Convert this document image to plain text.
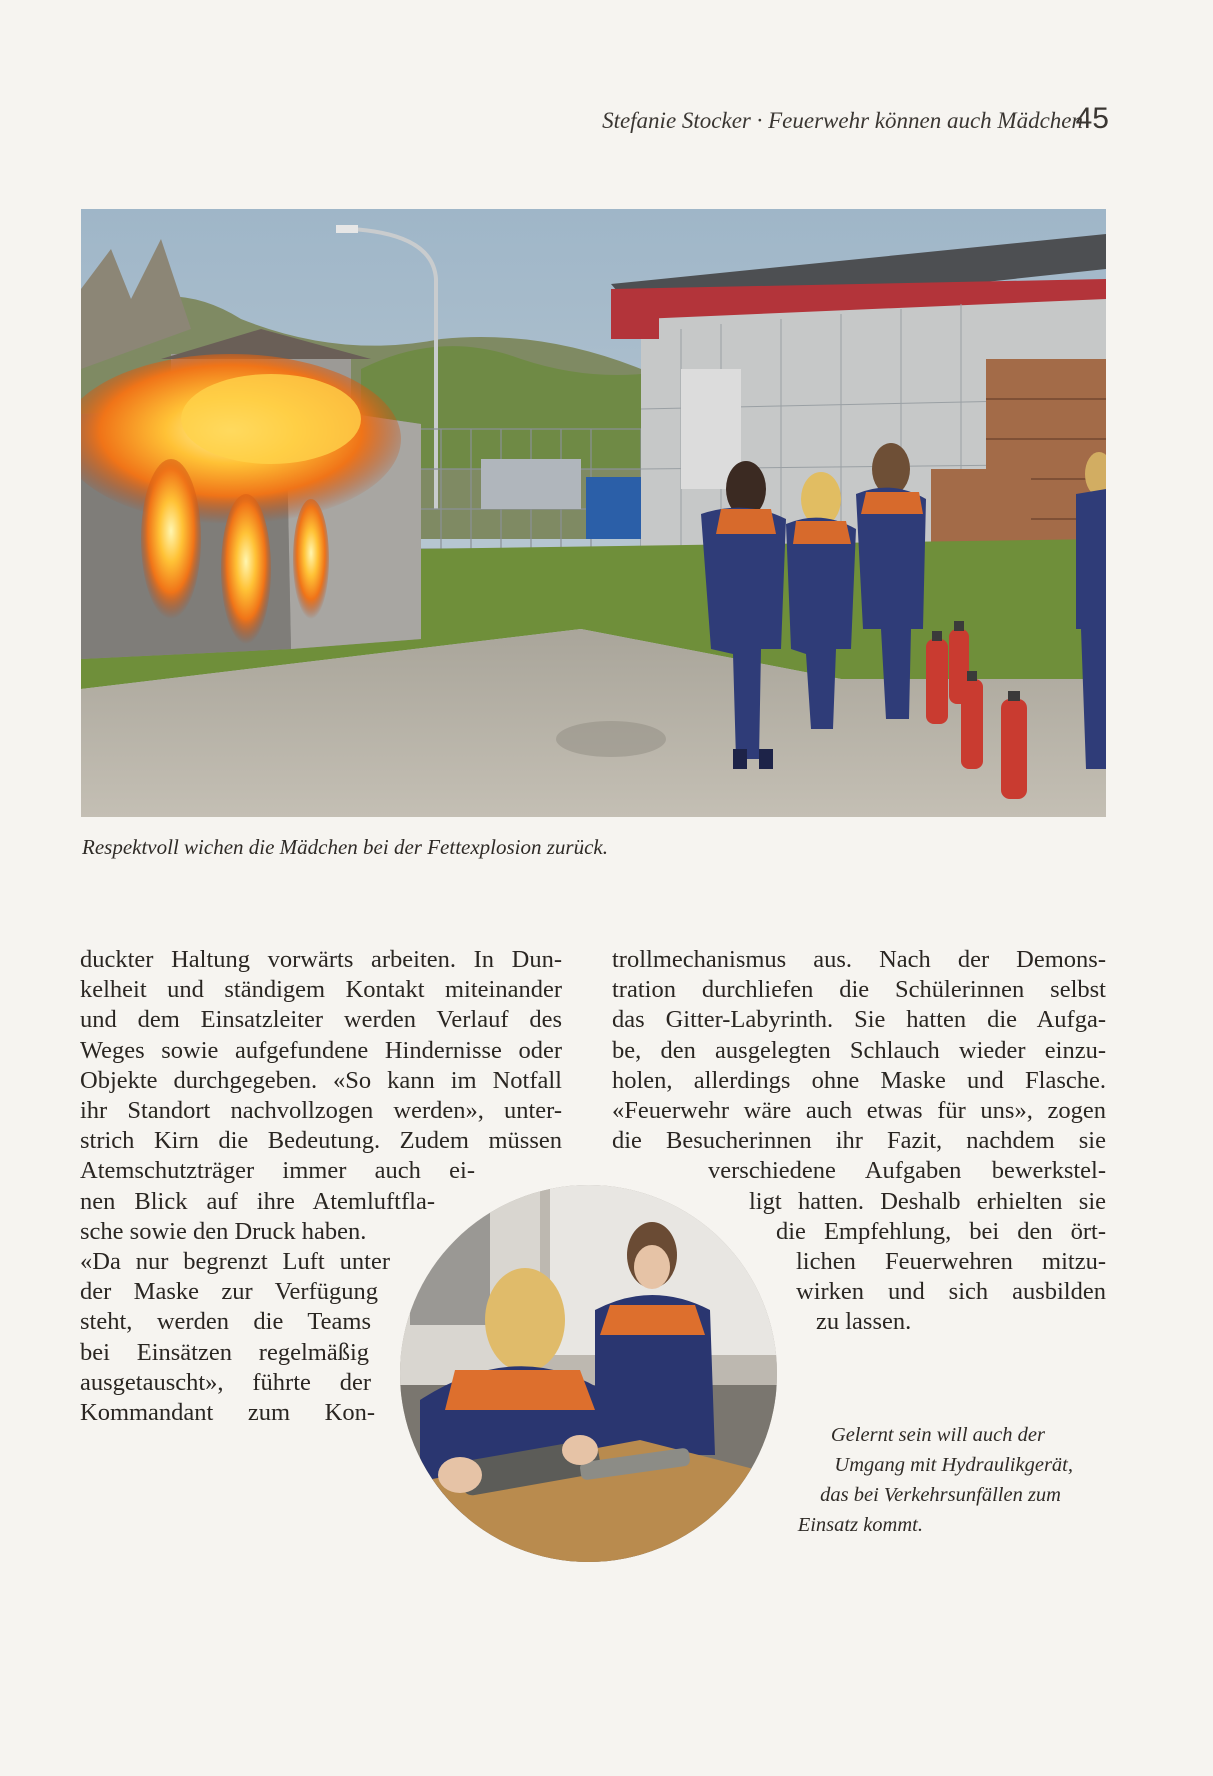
Stefanie Stocker · Feuerwehr können auch Mädchen
45
Respektvoll wichen die Mädchen bei der Fettexplosion zurück.
duckter Haltung vorwärts arbeiten. In Dun-
kelheit und ständigem Kontakt miteinander
und dem Einsatzleiter werden Verlauf des
Weges sowie aufgefundene Hindernisse oder
Objekte durchgegeben. «So kann im Notfall
ihr Standort nachvollzogen werden», unter-
strich Kirn die Bedeutung. Zudem müssen
Atemschutzträger immer auch ei-
nen Blick auf ihre Atemluftfla-
sche sowie den Druck haben.
«Da nur begrenzt Luft unter
der Maske zur Verfügung
steht, werden die Teams
bei Einsätzen regelmäßig
ausgetauscht», führte der
Kommandant zum Kon-
trollmechanismus aus. Nach der Demons-
tration durchliefen die Schülerinnen selbst
das Gitter-Labyrinth. Sie hatten die Aufga-
be, den ausgelegten Schlauch wieder einzu-
holen, allerdings ohne Maske und Flasche.
«Feuerwehr wäre auch etwas für uns», zogen
die Besucherinnen ihr Fazit, nachdem sie
verschiedene Aufgaben bewerkstel-
ligt hatten. Deshalb erhielten sie
die Empfehlung, bei den ört-
lichen Feuerwehren mitzu-
wirken und sich ausbilden
zu lassen.
Gelernt sein will auch der
Umgang mit Hydraulikgerät,
das bei Verkehrsunfällen zum
Einsatz kommt.
